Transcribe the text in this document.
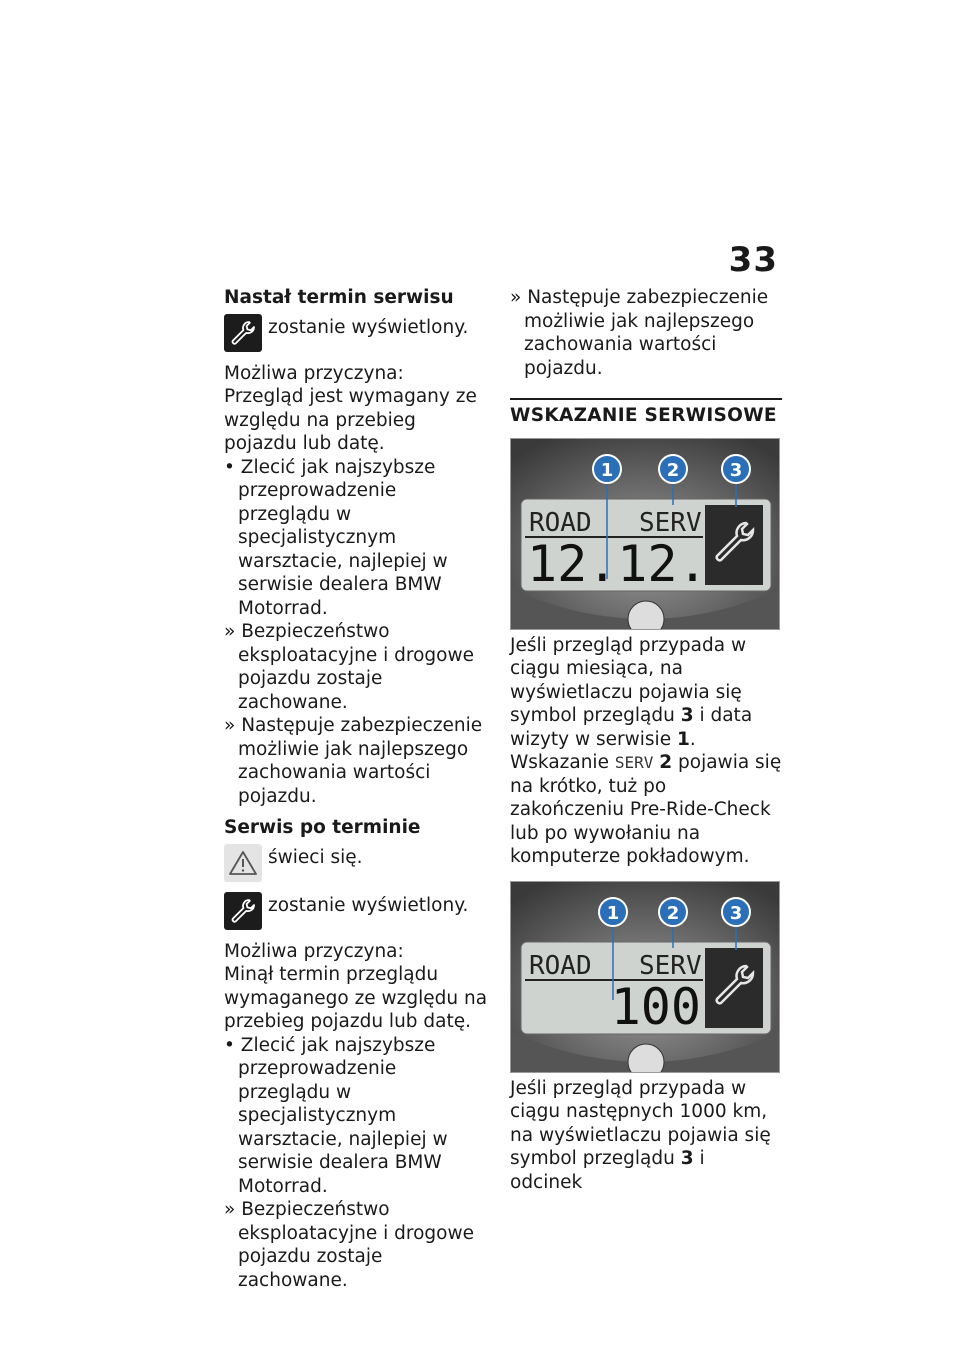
33

Nastał termin serwisu

zostanie wyświetlony.

Możliwa przyczyna:

Przegląd jest wymagany ze względu na przebieg pojazdu lub datę.

• Zlecić jak najszybsze przeprowadzenie przeglądu w specjalistycznym warsztacie, najlepiej w serwisie dealera BMW Motorrad.

» Bezpieczeństwo eksploatacyjne i drogowe pojazdu zostaje zachowane.

» Następuje zabezpieczenie możliwie jak najlepszego zachowania wartości pojazdu.

Serwis po terminie

świeci się.
zostanie wyświetlony.

Możliwa przyczyna:

Minął termin przeglądu wymaganego ze względu na przebieg pojazdu lub datę.

• Zlecić jak najszybsze przeprowadzenie przeglądu w specjalistycznym warsztacie, najlepiej w serwisie dealera BMW Motorrad.

» Bezpieczeństwo eksploatacyjne i drogowe pojazdu zostaje zachowane.

» Następuje zabezpieczenie możliwie jak najlepszego zachowania wartości pojazdu.

WSKAZANIE SERWISOWE

ROAD SERV
12.12.
1	2	3

Jeśli przegląd przypada w ciągu miesiąca, na wyświetlaczu pojawia się symbol przeglądu 3 i data wizyty w serwisie 1. Wskazanie SERV 2 pojawia się na krótko, tuż po zakończeniu Pre-Ride-Check lub po wywołaniu na komputerze pokładowym.

ROAD SERV
100
1	2	3

Jeśli przegląd przypada w ciągu następnych 1000 km, na wyświetlaczu pojawia się symbol przeglądu 3 i odcinek
